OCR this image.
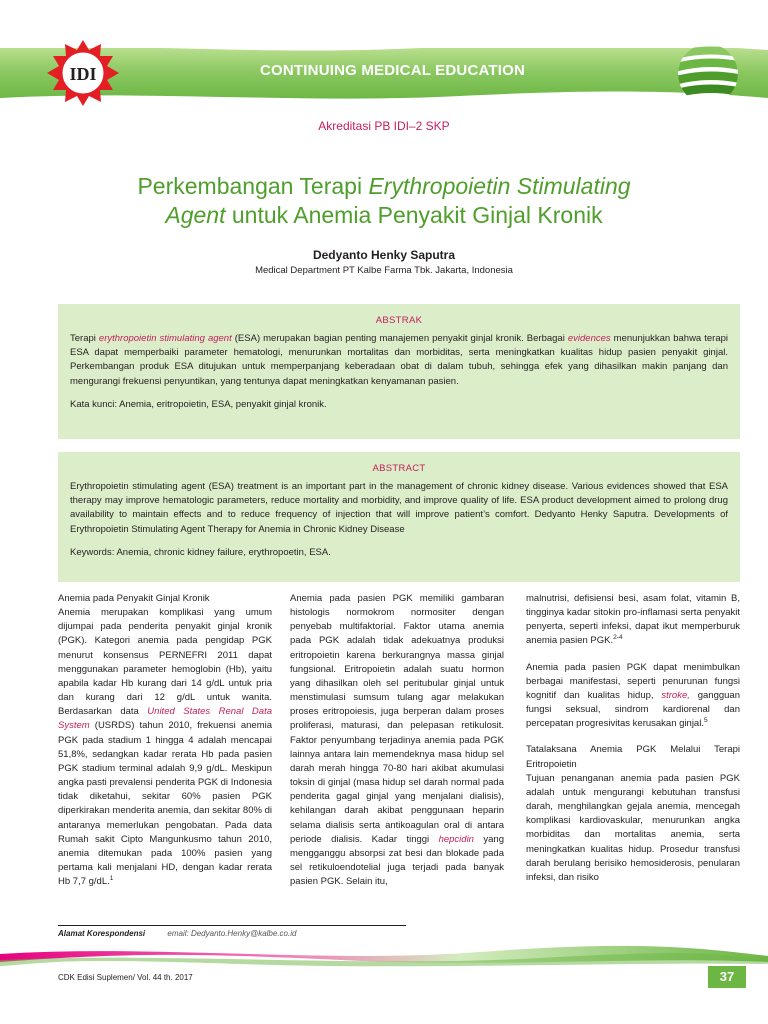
CONTINUING MEDICAL EDUCATION
IDI
Akreditasi PB IDI–2 SKP
Perkembangan Terapi Erythropoietin Stimulating
Agent untuk Anemia Penyakit Ginjal Kronik
Dedyanto Henky Saputra
Medical Department PT Kalbe Farma Tbk. Jakarta, Indonesia
ABSTRAK

Terapi erythropoietin stimulating agent (ESA) merupakan bagian penting manajemen penyakit ginjal kronik. Berbagai evidences menunjukkan bahwa terapi ESA dapat memperbaiki parameter hematologi, menurunkan mortalitas dan morbiditas, serta meningkatkan kualitas hidup pasien penyakit ginjal. Perkembangan produk ESA ditujukan untuk memperpanjang keberadaan obat di dalam tubuh, sehingga efek yang dihasilkan makin panjang dan mengurangi frekuensi penyuntikan, yang tentunya dapat meningkatkan kenyamanan pasien.

Kata kunci: Anemia, eritropoietin, ESA, penyakit ginjal kronik.

ABSTRACT

Erythropoietin stimulating agent (ESA) treatment is an important part in the management of chronic kidney disease. Various evidences showed that ESA therapy may improve hematologic parameters, reduce mortality and morbidity, and improve quality of life. ESA product development aimed to prolong drug availability to maintain effects and to reduce frequency of injection that will improve patient’s comfort. Dedyanto Henky Saputra. Developments of Erythropoietin Stimulating Agent Therapy for Anemia in Chronic Kidney Disease

Keywords: Anemia, chronic kidney failure, erythropoetin, ESA.

Anemia pada Penyakit Ginjal Kronik

Anemia merupakan komplikasi yang umum dijumpai pada penderita penyakit ginjal kronik (PGK). Kategori anemia pada pengidap PGK menurut konsensus PERNEFRI 2011 dapat menggunakan parameter hemoglobin (Hb), yaitu apabila kadar Hb kurang dari 14 g/dL untuk pria dan kurang dari 12 g/dL untuk wanita. Berdasarkan data United States Renal Data System (USRDS) tahun 2010, frekuensi anemia PGK pada stadium 1 hingga 4 adalah mencapai 51,8%, sedangkan kadar rerata Hb pada pasien PGK stadium terminal adalah 9,9 g/dL. Meskipun angka pasti prevalensi penderita PGK di Indonesia tidak diketahui, sekitar 60% pasien PGK diperkirakan menderita anemia, dan sekitar 80% di antaranya memerlukan pengobatan. Pada data Rumah sakit Cipto Mangunkusmo tahun 2010, anemia ditemukan pada 100% pasien yang pertama kali menjalani HD, dengan kadar rerata Hb 7,7 g/dL.$^1$

Anemia pada pasien PGK memiliki gambaran histologis normokrom normositer dengan penyebab multifaktorial. Faktor utama anemia pada PGK adalah tidak adekuatnya produksi eritropoietin karena berkurangnya massa ginjal fungsional. Eritropoietin adalah suatu hormon yang dihasilkan oleh sel peritubular ginjal untuk menstimulasi sumsum tulang agar melakukan proses eritropoiesis, juga berperan dalam proses proliferasi, maturasi, dan pelepasan retikulosit. Faktor penyumbang terjadinya anemia pada PGK lainnya antara lain memendeknya masa hidup sel darah merah hingga 70-80 hari akibat akumulasi toksin di ginjal (masa hidup sel darah normal pada penderita gagal ginjal yang menjalani dialisis), kehilangan darah akibat penggunaan heparin selama dialisis serta antikoagulan oral di antara periode dialisis. Kadar tinggi hepcidin yang mengganggu absorpsi zat besi dan blokade pada sel retikuloendotelial juga terjadi pada banyak pasien PGK. Selain itu,

malnutrisi, defisiensi besi, asam folat, vitamin B, tingginya kadar sitokin pro-inflamasi serta penyakit penyerta, seperti infeksi, dapat ikut memperburuk anemia pasien PGK.$^{2-4}$

Anemia pada pasien PGK dapat menimbulkan berbagai manifestasi, seperti penurunan fungsi kognitif dan kualitas hidup, stroke, gangguan fungsi seksual, sindrom kardiorenal dan percepatan progresivitas kerusakan ginjal.$^5$

Tatalaksana Anemia PGK Melalui Terapi Eritropoietin

Tujuan penanganan anemia pada pasien PGK adalah untuk mengurangi kebutuhan transfusi darah, menghilangkan gejala anemia, mencegah komplikasi kardiovaskular, menurunkan angka morbiditas dan mortalitas anemia, serta meningkatkan kualitas hidup. Prosedur transfusi darah berulang berisiko hemosiderosis, penularan infeksi, dan risiko

Alamat Korespondensi	email: Dedyanto.Henky@kalbe.co.id
CDK Edisi Suplemen/ Vol. 44 th. 2017	37
